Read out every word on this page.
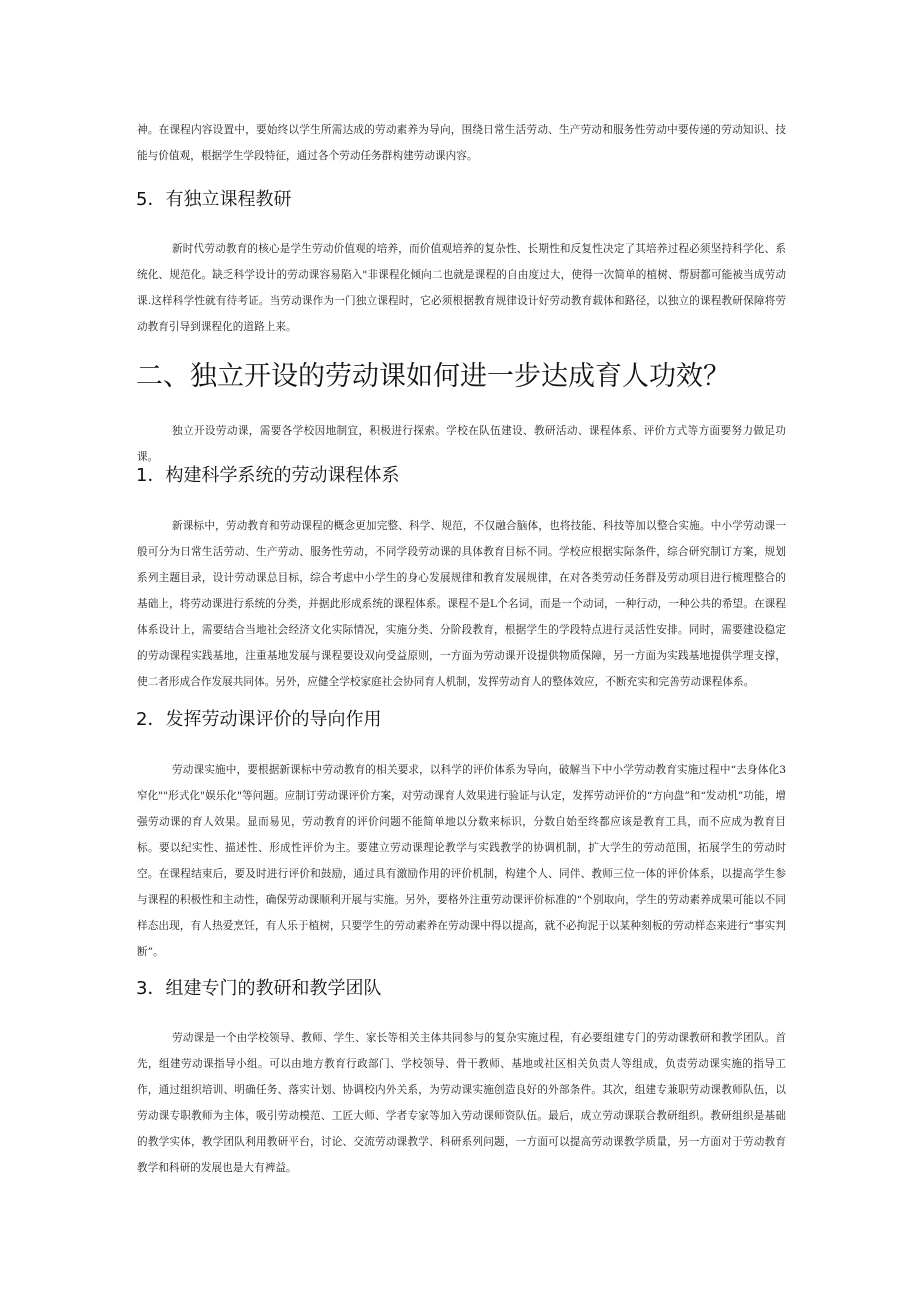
神。在课程内容设置中，要始终以学生所需达成的劳动素养为导向，围绕日常生活劳动、生产劳动和服务性劳动中要传递的劳动知识、技能与价值观，根据学生学段特征，通过各个劳动任务群构建劳动课内容。

5．有独立课程教研

新时代劳动教育的核心是学生劳动价值观的培养，而价值观培养的复杂性、长期性和反复性决定了其培养过程必须坚持科学化、系统化、规范化。缺乏科学设计的劳动课容易陷入"非课程化倾向二也就是课程的自由度过大，使得一次简单的植树、帮厨都可能被当成劳动课.这样科学性就有待考证。当劳动课作为一门独立课程时，它必须根据教育规律设计好劳动教育载体和路径，以独立的课程教研保障将劳动教育引导到课程化的道路上来。

二、独立开设的劳动课如何进一步达成育人功效？

独立开设劳动课，需要各学校因地制宜，积极进行探索。学校在队伍建设、教研活动、课程体系、评价方式等方面要努力做足功课。

1．构建科学系统的劳动课程体系

新课标中，劳动教育和劳动课程的概念更加完整、科学、规范，不仅融合脑体，也将技能、科技等加以整合实施。中小学劳动课一般可分为日常生活劳动、生产劳动、服务性劳动，不同学段劳动课的具体教育目标不同。学校应根据实际条件，综合研究制订方案，规划系列主题目录，设计劳动课总目标，综合考虑中小学生的身心发展规律和教育发展规律，在对各类劳动任务群及劳动项目进行梳理整合的基础上，将劳动课进行系统的分类，并据此形成系统的课程体系。课程不是L个名词，而是一个动词，一种行动，一种公共的希望。在课程体系设计上，需要结合当地社会经济文化实际情况，实施分类、分阶段教育，根据学生的学段特点进行灵活性安排。同时，需要建设稳定的劳动课程实践基地，注重基地发展与课程要设双向受益原则，一方面为劳动课开设提供物质保障，另一方面为实践基地提供学理支撑，使二者形成合作发展共同体。另外，应健全学校家庭社会协同育人机制，发挥劳动育人的整体效应，不断充实和完善劳动课程体系。

2．发挥劳动课评价的导向作用

劳动课实施中，要根据新课标中劳动教育的相关要求，以科学的评价体系为导向，破解当下中小学劳动教育实施过程中“去身体化3窄化""形式化"娱乐化"等问题。应制订劳动课评价方案，对劳动课育人效果进行验证与认定，发挥劳动评价的“方向盘”和“发动机”功能，增强劳动课的育人效果。显而易见，劳动教育的评价问题不能简单地以分数来标识，分数自始至终都应该是教育工具，而不应成为教育目标。要以纪实性、描述性、形成性评价为主。要建立劳动课理论教学与实践教学的协调机制，扩大学生的劳动范围，拓展学生的劳动时空。在课程结束后，要及时进行评价和鼓励，通过具有激励作用的评价机制，构建个人、同伴、教师三位一体的评价体系，以提高学生参与课程的积极性和主动性，确保劳动课顺利开展与实施。另外，要格外注重劳动课评价标准的“个别取向，学生的劳动素养成果可能以不同样态出现，有人热爱烹饪，有人乐于植树，只要学生的劳动素养在劳动课中得以提高，就不必拘泥于以某种刻板的劳动样态来进行“事实判断”。

3．组建专门的教研和教学团队

劳动课是一个由学校领导、教师、学生、家长等相关主体共同参与的复杂实施过程，有必要组建专门的劳动课教研和教学团队。首先，组建劳动课指导小组。可以由地方教育行政部门、学校领导、骨干教师、基地或社区相关负责人等组成，负责劳动课实施的指导工作，通过组织培训、明确任务、落实计划、协调校内外关系，为劳动课实施创造良好的外部条件。其次，组建专兼职劳动课教师队伍，以劳动课专职教师为主体，吸引劳动模范、工匠大师、学者专家等加入劳动课师资队伍。最后，成立劳动课联合教研组织。教研组织是基础的教学实体，教学团队利用教研平台，讨论、交流劳动课教学、科研系列问题，一方面可以提高劳动课教学质量，另一方面对于劳动教育教学和科研的发展也是大有裨益。
